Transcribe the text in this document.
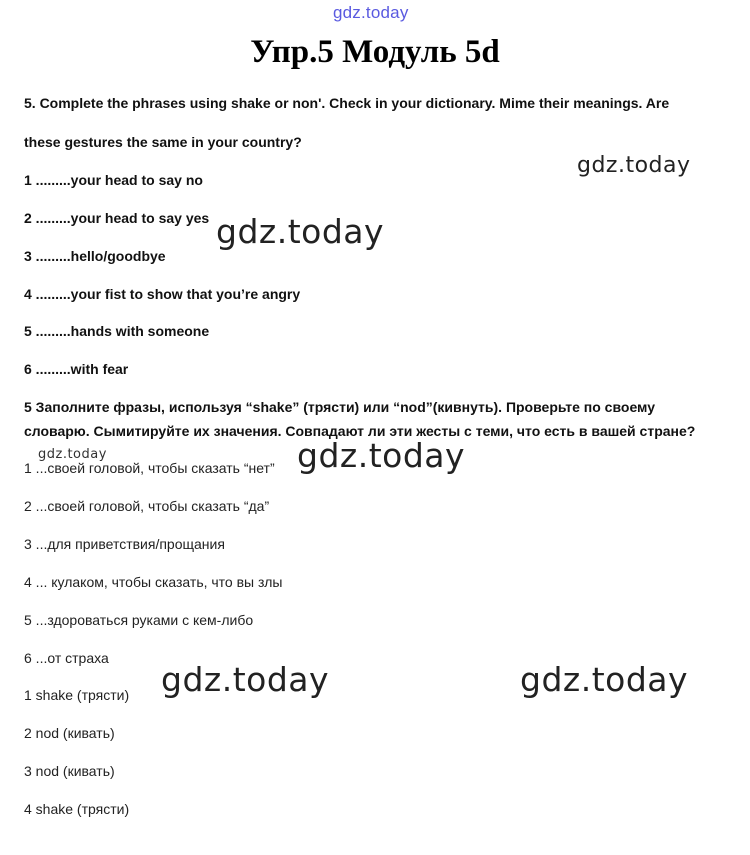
gdz.today
Упр.5 Модуль 5d
5. Complete the phrases using shake or non'. Check in your dictionary. Mime their meanings. Are
these gestures the same in your country?
1 .........your head to say no
2 .........your head to say yes
3 .........hello/goodbye
4 .........your fist to show that you’re angry
5 .........hands with someone
6 .........with fear
5 Заполните фразы, используя “shake” (трясти) или “nod”(кивнуть). Проверьте по своему
словарю. Сымитируйте их значения. Совпадают ли эти жесты с теми, что есть в вашей стране?
1 ...своей головой, чтобы сказать “нет”
2 ...своей головой, чтобы сказать “да”
3 ...для приветствия/прощания
4 ... кулаком, чтобы сказать, что вы злы
5 ...здороваться руками с кем-либо
6 ...от страха
1 shake (трясти)
2 nod (кивать)
3 nod (кивать)
4 shake (трясти)
gdz.today
gdz.today
gdz.today
gdz.today
gdz.today	gdz.today
